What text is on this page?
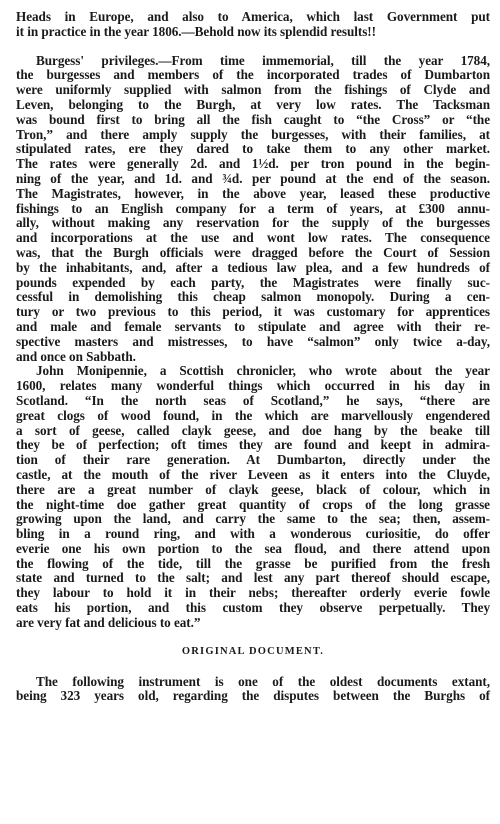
Heads in Europe, and also to America, which last Government put
it in practice in the year 1806.—Behold now its splendid results!!
Burgess' privileges.—From time immemorial, till the year 1784,
the burgesses and members of the incorporated trades of Dumbarton
were uniformly supplied with salmon from the fishings of Clyde and
Leven, belonging to the Burgh, at very low rates. The Tacksman
was bound first to bring all the fish caught to “the Cross” or “the
Tron,” and there amply supply the burgesses, with their families, at
stipulated rates, ere they dared to take them to any other market.
The rates were generally 2d. and 1½d. per tron pound in the begin-
ning of the year, and 1d. and ¾d. per pound at the end of the season.
The Magistrates, however, in the above year, leased these productive
fishings to an English company for a term of years, at £300 annu-
ally, without making any reservation for the supply of the burgesses
and incorporations at the use and wont low rates. The consequence
was, that the Burgh officials were dragged before the Court of Session
by the inhabitants, and, after a tedious law plea, and a few hundreds of
pounds expended by each party, the Magistrates were finally suc-
cessful in demolishing this cheap salmon monopoly. During a cen-
tury or two previous to this period, it was customary for apprentices
and male and female servants to stipulate and agree with their re-
spective masters and mistresses, to have “salmon” only twice a-day,
and once on Sabbath.
John Monipennie, a Scottish chronicler, who wrote about the year
1600, relates many wonderful things which occurred in his day in
Scotland. “In the north seas of Scotland,” he says, “there are
great clogs of wood found, in the which are marvellously engendered
a sort of geese, called clayk geese, and doe hang by the beake till
they be of perfection; oft times they are found and keept in admira-
tion of their rare generation. At Dumbarton, directly under the
castle, at the mouth of the river Leveen as it enters into the Cluyde,
there are a great number of clayk geese, black of colour, which in
the night-time doe gather great quantity of crops of the long grasse
growing upon the land, and carry the same to the sea; then, assem-
bling in a round ring, and with a wonderous curiositie, do offer
everie one his own portion to the sea floud, and there attend upon
the flowing of the tide, till the grasse be purified from the fresh
state and turned to the salt; and lest any part thereof should escape,
they labour to hold it in their nebs; thereafter orderly everie fowle
eats his portion, and this custom they observe perpetually. They
are very fat and delicious to eat.”
ORIGINAL DOCUMENT.
The following instrument is one of the oldest documents extant,
being 323 years old, regarding the disputes between the Burghs of
